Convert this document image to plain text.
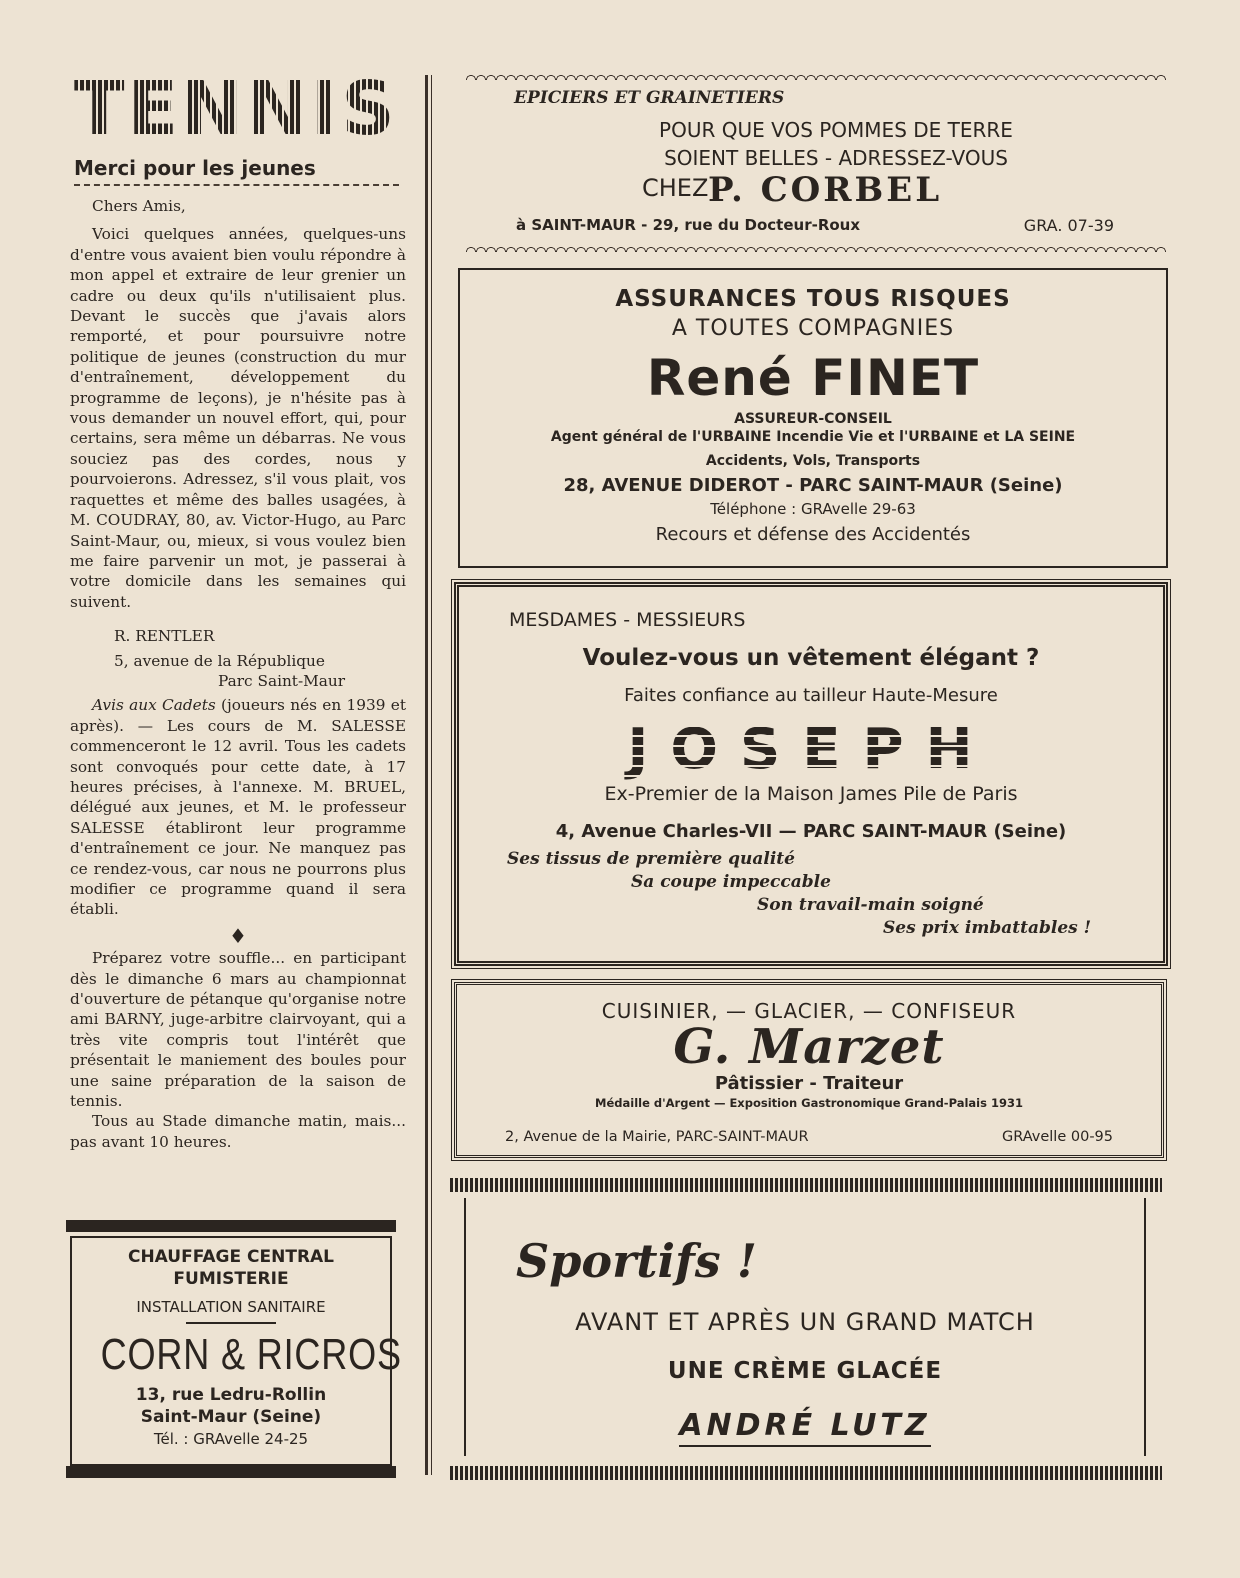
TENNIS
Merci pour les jeunes

Chers Amis,

Voici quelques années, quelques-uns d'entre vous avaient bien voulu répondre à mon appel et extraire de leur grenier un cadre ou deux qu'ils n'utilisaient plus. Devant le succès que j'avais alors remporté, et pour poursuivre notre politique de jeunes (construction du mur d'entraînement, développement du programme de leçons), je n'hésite pas à vous demander un nouvel effort, qui, pour certains, sera même un débarras. Ne vous souciez pas des cordes, nous y pourvoierons. Adressez, s'il vous plait, vos raquettes et même des balles usagées, à M. COUDRAY, 80, av. Victor-Hugo, au Parc Saint-Maur, ou, mieux, si vous voulez bien me faire parvenir un mot, je passerai à votre domicile dans les semaines qui suivent.

R. RENTLER

5, avenue de la République

Parc Saint-Maur

Avis aux Cadets (joueurs nés en 1939 et après). — Les cours de M. SALESSE commenceront le 12 avril. Tous les cadets sont convoqués pour cette date, à 17 heures précises, à l'annexe. M. BRUEL, délégué aux jeunes, et M. le professeur SALESSE établiront leur programme d'entraînement ce jour. Ne manquez pas ce rendez-vous, car nous ne pourrons plus modifier ce programme quand il sera établi.

♦

Préparez votre souffle... en participant dès le dimanche 6 mars au championnat d'ouverture de pétanque qu'organise notre ami BARNY, juge-arbitre clairvoyant, qui a très vite compris tout l'intérêt que présentait le maniement des boules pour une saine préparation de la saison de tennis.

Tous au Stade dimanche matin, mais... pas avant 10 heures.

CHAUFFAGE CENTRAL
FUMISTERIE
INSTALLATION SANITAIRE
CORN & RICROS
13, rue Ledru-Rollin
Saint-Maur (Seine)
Tél. : GRAvelle 24-25
EPICIERS ET GRAINETIERS
POUR QUE VOS POMMES DE TERRE
SOIENT BELLES - ADRESSEZ-VOUS
CHEZ P. CORBEL
à SAINT-MAUR - 29, rue du Docteur-Roux	GRA. 07-39
ASSURANCES TOUS RISQUES
A TOUTES COMPAGNIES
René FINET
ASSUREUR-CONSEIL
Agent général de l'URBAINE Incendie Vie et l'URBAINE et LA SEINE
Accidents, Vols, Transports
28, AVENUE DIDEROT - PARC SAINT-MAUR (Seine)
Téléphone : GRAvelle 29-63
Recours et défense des Accidentés
MESDAMES - MESSIEURS
Voulez-vous un vêtement élégant ?
Faites confiance au tailleur Haute-Mesure
JOSEPH
Ex-Premier de la Maison James Pile de Paris
4, Avenue Charles-VII — PARC SAINT-MAUR (Seine)
Ses tissus de première qualité
Sa coupe impeccable
Son travail-main soigné
Ses prix imbattables !
CUISINIER, — GLACIER, — CONFISEUR
G. Marzet
Pâtissier - Traiteur
Médaille d'Argent — Exposition Gastronomique Grand-Palais 1931
2, Avenue de la Mairie, PARC-SAINT-MAUR	GRAvelle 00-95
Sportifs !
AVANT ET APRÈS UN GRAND MATCH
UNE CRÈME GLACÉE
ANDRÉ LUTZ
